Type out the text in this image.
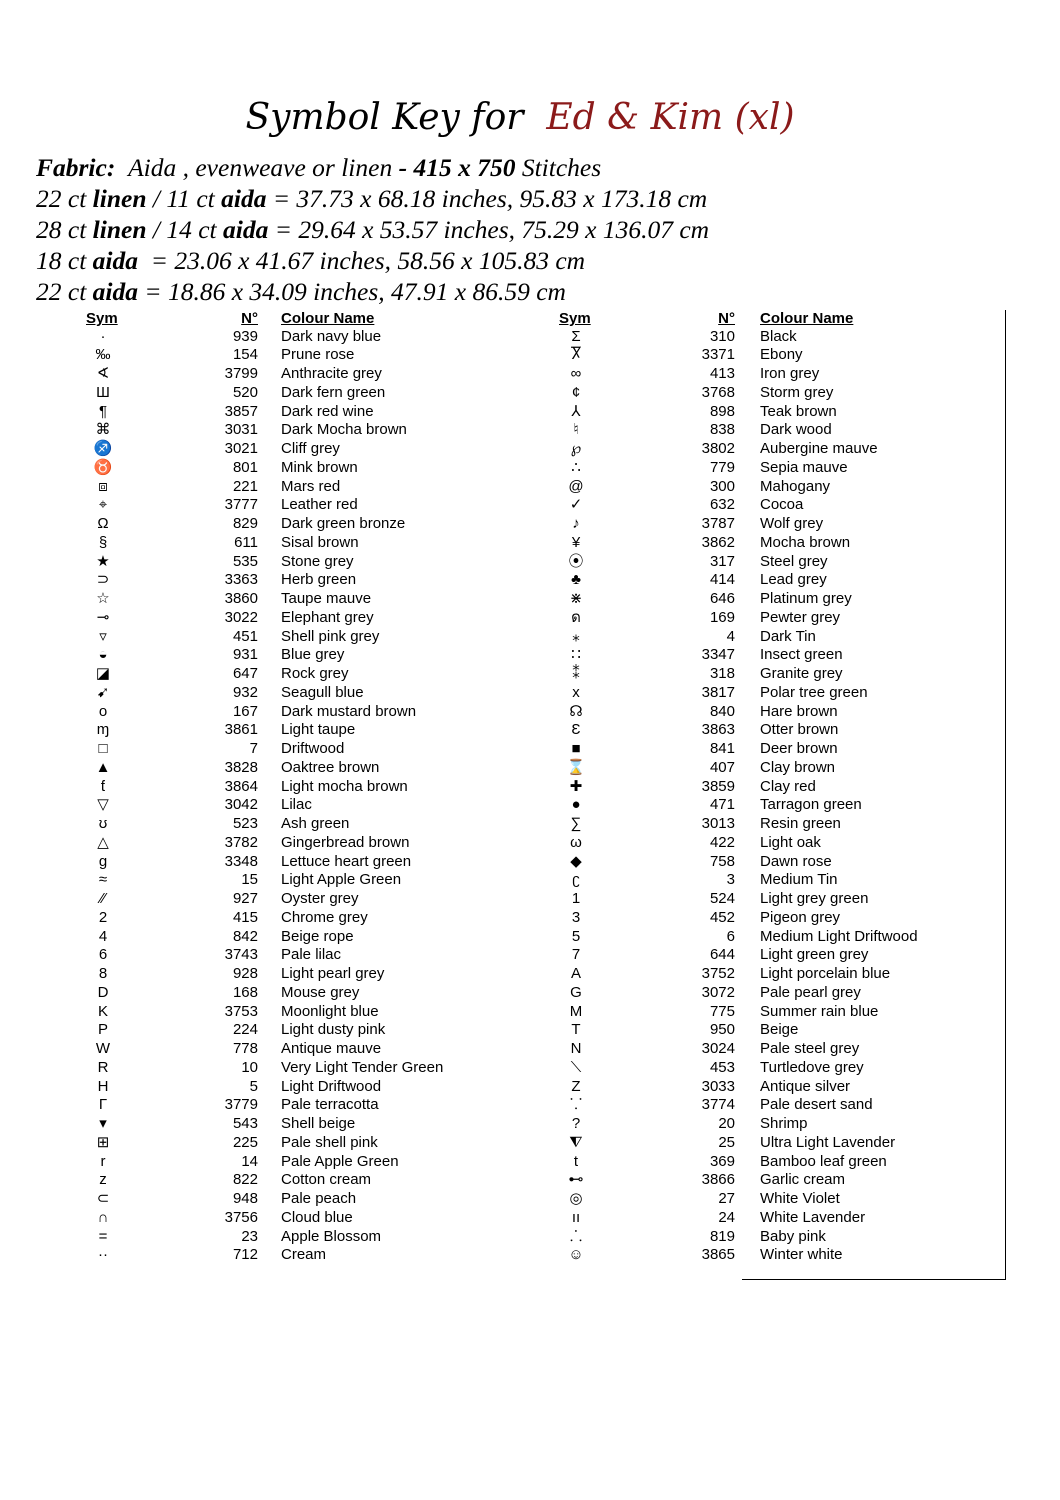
Symbol Key for Ed & Kim (xl)
Fabric: Aida , evenweave or linen - 415 x 750 Stitches
22 ct linen / 11 ct aida = 37.73 x 68.18 inches, 95.83 x 173.18 cm
28 ct linen / 14 ct aida = 29.64 x 53.57 inches, 75.29 x 136.07 cm
18 ct aida  = 23.06 x 41.67 inches, 58.56 x 105.83 cm
22 ct aida = 18.86 x 34.09 inches, 47.91 x 86.59 cm
Sym	N° Colour Name
·	939 Dark navy blue
‰	154 Prune rose
∢	3799 Anthracite grey
Ш	520 Dark fern green
¶	3857 Dark red wine
⌘	3031 Dark Mocha brown
♐	3021 Cliff grey
♉	801 Mink brown
⧈	221 Mars red
⌖	3777 Leather red
Ω	829 Dark green bronze
§	611 Sisal brown
★	535 Stone grey
⊃	3363 Herb green
☆	3860 Taupe mauve
⊸	3022 Elephant grey
▿	451 Shell pink grey
◒	931 Blue grey
◪	647 Rock grey
➹	932 Seagull blue
o	167 Dark mustard brown
ɱ	3861 Light taupe
□	7 Driftwood
▲	3828 Oaktree brown
ƭ	3864 Light mocha brown
▽	3042 Lilac
ʊ	523 Ash green
△	3782 Gingerbread brown
g	3348 Lettuce heart green
≈	15 Light Apple Green
⁄⁄	927 Oyster grey
2	415 Chrome grey
4	842 Beige rope
6	3743 Pale lilac
8	928 Light pearl grey
D	168 Mouse grey
K	3753 Moonlight blue
P	224 Light dusty pink
W	778 Antique mauve
R	10 Very Light Tender Green
H	5 Light Driftwood
Γ	3779 Pale terracotta
▾	543 Shell beige
⊞	225 Pale shell pink
r	14 Pale Apple Green
z	822 Cotton cream
⊂	948 Pale peach
∩	3756 Cloud blue
=	23 Apple Blossom
··	712 Cream
Sym	N° Colour Name
Σ	310 Black
Ⴟ	3371 Ebony
∞	413 Iron grey
¢	3768 Storm grey
⅄	898 Teak brown
♮	838 Dark wood
℘	3802 Aubergine mauve
∴	779 Sepia mauve
@	300 Mahogany
✓	632 Cocoa
♪	3787 Wolf grey
¥	3862 Mocha brown
⦿	317 Steel grey
♣	414 Lead grey
⋇	646 Platinum grey
ด	169 Pewter grey
⁎	4 Dark Tin
∷	3347 Insect green
⁑	318 Granite grey
x	3817 Polar tree green
☊	840 Hare brown
Ɛ	3863 Otter brown
■	841 Deer brown
⌛	407 Clay brown
✚	3859 Clay red
●	471 Tarragon green
∑	3013 Resin green
ω	422 Light oak
◆	758 Dawn rose
ʗ	3 Medium Tin
1	524 Light grey green
3	452 Pigeon grey
5	6 Medium Light Driftwood
7	644 Light green grey
A	3752 Light porcelain blue
G	3072 Pale pearl grey
M	775 Summer rain blue
T	950 Beige
N	3024 Pale steel grey
⟍	453 Turtledove grey
Z	3033 Antique silver
⸪	3774 Pale desert sand
?	20 Shrimp
⧨	25 Ultra Light Lavender
t	369 Bamboo leaf green
⊷	3866 Garlic cream
◎	27 White Violet
ıı	24 White Lavender
⸫	819 Baby pink
☺	3865 Winter white
